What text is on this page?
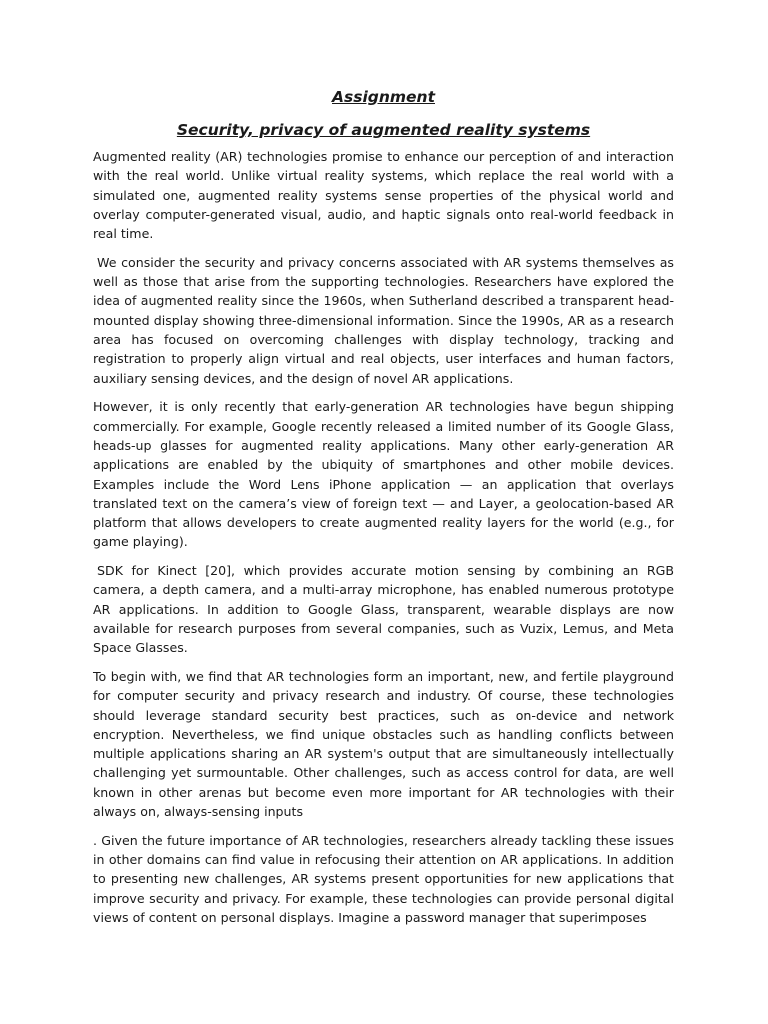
Assignment
Security, privacy of augmented reality systems

Augmented reality (AR) technologies promise to enhance our perception of and interaction with the real world. Unlike virtual reality systems, which replace the real world with a simulated one, augmented reality systems sense properties of the physical world and overlay computer-generated visual, audio, and haptic signals onto real-world feedback in real time.

We consider the security and privacy concerns associated with AR systems themselves as well as those that arise from the supporting technologies. Researchers have explored the idea of augmented reality since the 1960s, when Sutherland described a transparent head-mounted display showing three-dimensional information. Since the 1990s, AR as a research area has focused on overcoming challenges with display technology, tracking and registration to properly align virtual and real objects, user interfaces and human factors, auxiliary sensing devices, and the design of novel AR applications.

However, it is only recently that early-generation AR technologies have begun shipping commercially. For example, Google recently released a limited number of its Google Glass, heads-up glasses for augmented reality applications. Many other early-generation AR applications are enabled by the ubiquity of smartphones and other mobile devices. Examples include the Word Lens iPhone application — an application that overlays translated text on the camera’s view of foreign text — and Layer, a geolocation-based AR platform that allows developers to create augmented reality layers for the world (e.g., for game playing).

SDK for Kinect [20], which provides accurate motion sensing by combining an RGB camera, a depth camera, and a multi-array microphone, has enabled numerous prototype AR applications. In addition to Google Glass, transparent, wearable displays are now available for research purposes from several companies, such as Vuzix, Lemus, and Meta Space Glasses.

To begin with, we find that AR technologies form an important, new, and fertile playground for computer security and privacy research and industry. Of course, these technologies should leverage standard security best practices, such as on-device and network encryption. Nevertheless, we find unique obstacles such as handling conflicts between multiple applications sharing an AR system's output that are simultaneously intellectually challenging yet surmountable. Other challenges, such as access control for data, are well known in other arenas but become even more important for AR technologies with their always on, always-sensing inputs

. Given the future importance of AR technologies, researchers already tackling these issues in other domains can find value in refocusing their attention on AR applications. In addition to presenting new challenges, AR systems present opportunities for new applications that improve security and privacy. For example, these technologies can provide personal digital views of content on personal displays. Imagine a password manager that superimposes
